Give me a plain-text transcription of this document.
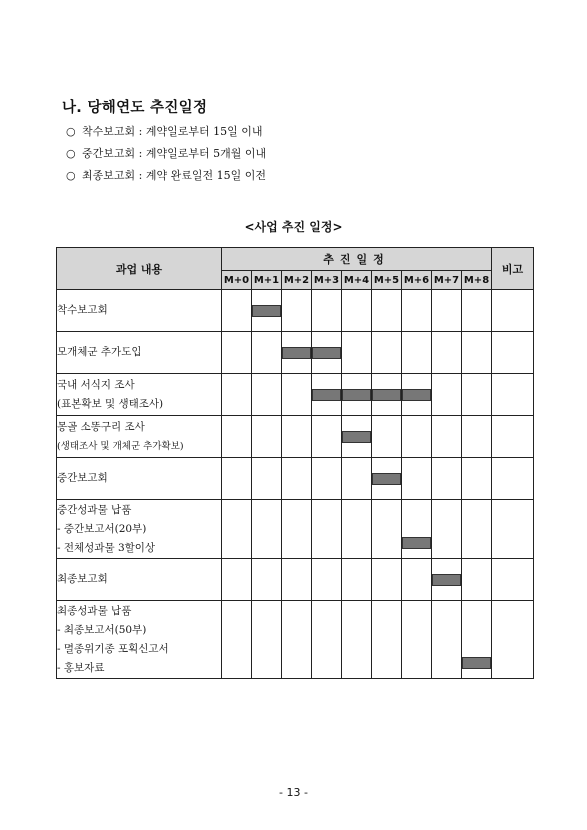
나. 당해연도 추진일정
○ 착수보고회 : 계약일로부터 15일 이내
○ 중간보고회 : 계약일로부터 5개월 이내
○ 최종보고회 : 계약 완료일전 15일 이전
<사업 추진 일정>
과업 내용	추진일정									비고
	M+0	M+1	M+2	M+3	M+4	M+5	M+6	M+7	M+8	

착수보고회										

모개체군 추가도입										

국내 서식지 조사
(표본확보 및 생태조사)										

몽골 소똥구리 조사
(생태조사 및 개체군 추가확보)										

중간보고회										

중간성과물 납품
- 중간보고서(20부)
- 전체성과물 3할이상										

최종보고회										

최종성과물 납품
- 최종보고서(50부)
- 멸종위기종 포획신고서
- 홍보자료										

- 13 -
